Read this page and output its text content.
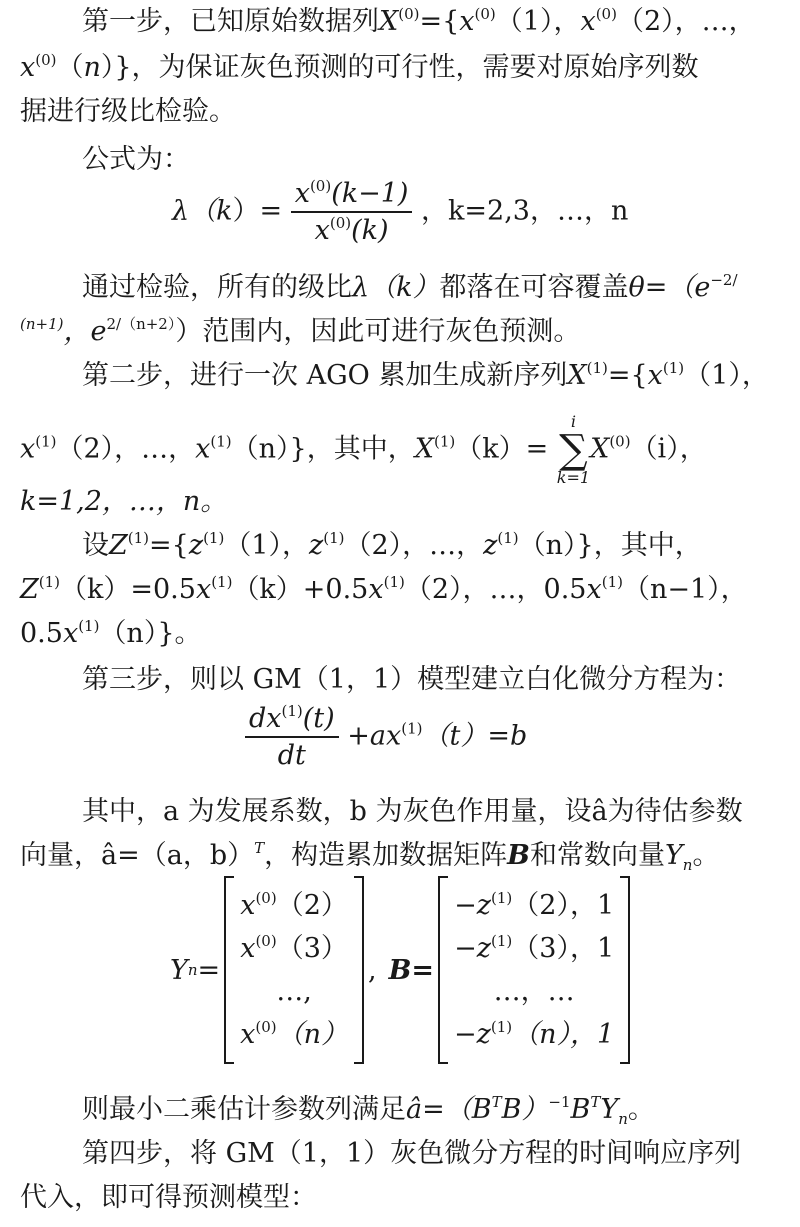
第一步，已知原始数据列$X^{(0)}=\{x^{(0)}(1)$，$x^{(0)}(2)$，…，
$x^{(0)}(n)$}，为保证灰色预测的可行性，需要对原始序列数
据进行级比检验。
公式为：
$\lambda(k)= \frac{x^{(0)}(k-1)}{x^{(0)}(k)}$ ，k=2,3，…，n
通过检验，所有的级比λ（k）都落在可容覆盖$\theta=(e^{-2/}$
$^{(n+1)}$，$e^{2/(n+2)}$）范围内，因此可进行灰色预测。
第二步，进行一次 AGO 累加生成新序列$X^{(1)}=\{x^{(1)}(1)$，
$x^{(1)}(2)$，…，$x^{(1)}(n)$}，其中，$X^{(1)}(k)=$
i
∑
k=1
$X^{(0)}(i)$，
k=1,2，…，n。
设$Z^{(1)}=\{z^{(1)}(1)$，$z^{(1)}(2)$，…，$z^{(1)}(n)$}，其中，
$Z^{(1)}(k)=0.5x^{(1)}(k)+0.5x^{(1)}(2)$，…，$0.5x^{(1)}(n-1)$，
$0.5x^{(1)}(n)$}。
第三步，则以 GM（1，1）模型建立白化微分方程为：
$\frac{dx^{(1)}(t)}{dt} +ax^{(1)}(t)=b$
其中，a 为发展系数，b 为灰色作用量，设â为待估参数
向量，â=（a，b）$^T$，构造累加数据矩阵B和常数向量$Y_n$。
Y n =
$x^{(0)}(2)$
$x^{(0)}(3)$
…,
$x^{(0)}(n)$
, B=
$-z^{(1)}(2)$，1
$-z^{(1)}(3)$，1
…，…
$-z^{(1)}(n)$，1
则最小二乘估计参数列满足$â=(B^TB)^{-1}B^TY_n$。
第四步，将 GM（1，1）灰色微分方程的时间响应序列
代入，即可得预测模型：
